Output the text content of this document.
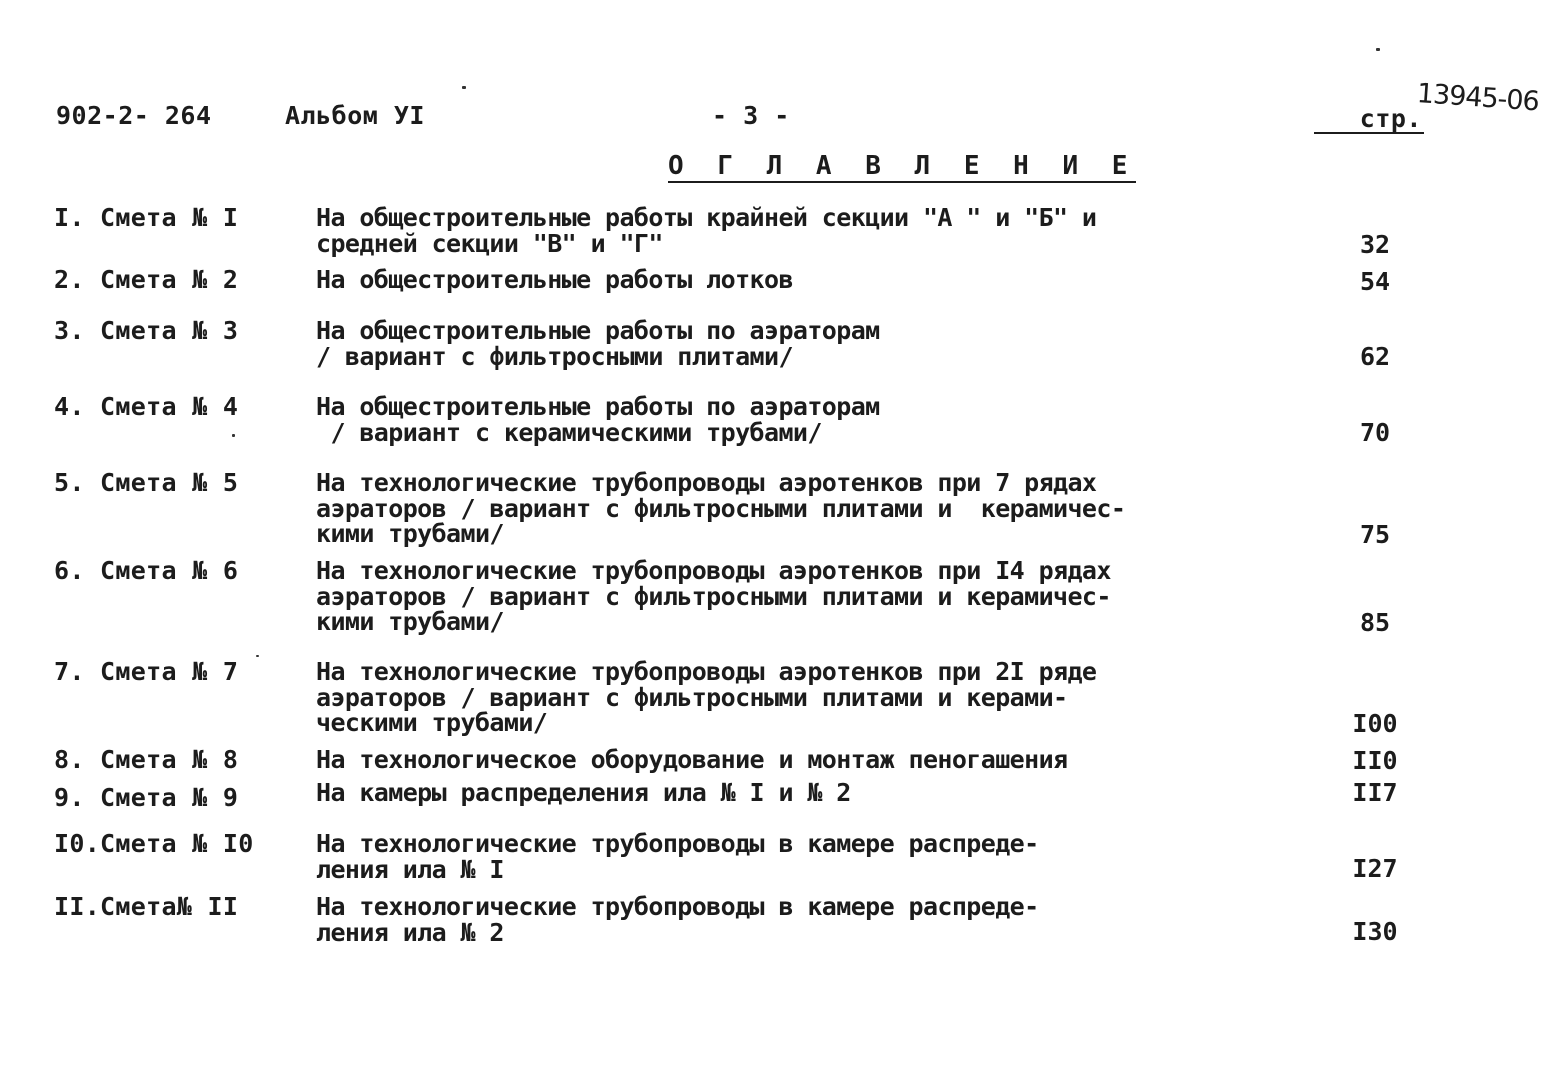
902-2- 264	Альбом УI	- 3 -	стр.
13945-06
О Г Л А В Л Е Н И Е
I. Смета № I	На общестроительные работы крайней секции "А " и "Б" и
средней секции "В" и "Г"	32
2. Смета № 2	На общестроительные работы лотков	54
3. Смета № 3	На общестроительные работы по аэраторам
/ вариант с фильтросными плитами/	62
4. Смета № 4	На общестроительные работы по аэраторам
/ вариант с керамическими трубами/	70
5. Смета № 5	На технологические трубопроводы аэротенков при 7 рядах
аэраторов / вариант с фильтросными плитами и  керамичес-
кими трубами/	75
6. Смета № 6	На технологические трубопроводы аэротенков при I4 рядах
аэраторов / вариант с фильтросными плитами и керамичес-
кими трубами/	85
7. Смета № 7	На технологические трубопроводы аэротенков при 2I ряде
аэраторов / вариант с фильтросными плитами и керами-
ческими трубами/	I00
8. Смета № 8	На технологическое оборудование и монтаж пеногашения	II0
9. Смета № 9	На камеры распределения ила № I и № 2	II7
I0.Смета № I0 На технологические трубопроводы в камере распреде-
ления ила № I	I27
II.Смета№ II	На технологические трубопроводы в камере распреде-
ления ила № 2	I30
